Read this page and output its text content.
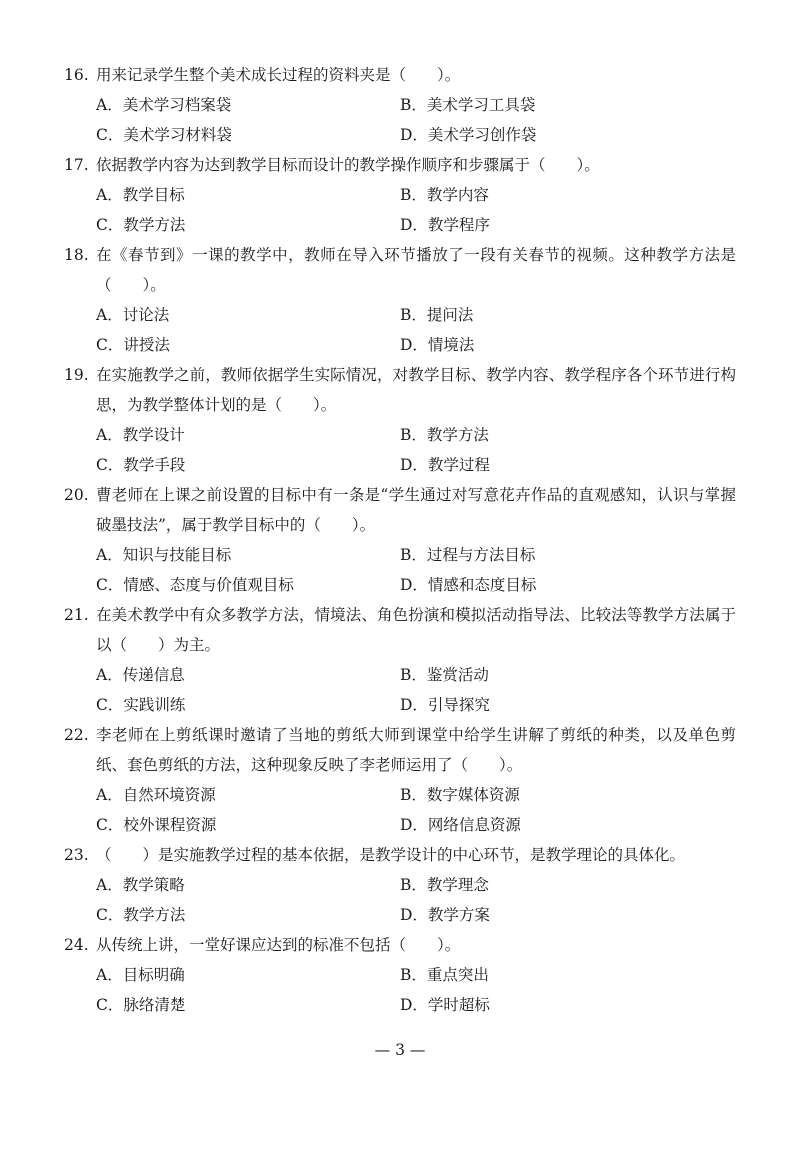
16. 用来记录学生整个美术成长过程的资料夹是（　　）。
A．美术学习档案袋	B．美术学习工具袋
C．美术学习材料袋	D．美术学习创作袋
17. 依据教学内容为达到教学目标而设计的教学操作顺序和步骤属于（　　）。
A．教学目标	B．教学内容
C．教学方法	D．教学程序
18. 在《春节到》一课的教学中，教师在导入环节播放了一段有关春节的视频。这种教学方法是（　　）。
A．讨论法	B．提问法
C．讲授法	D．情境法
19. 在实施教学之前，教师依据学生实际情况，对教学目标、教学内容、教学程序各个环节进行构思，为教学整体计划的是（　　）。
A．教学设计	B．教学方法
C．教学手段	D．教学过程
20. 曹老师在上课之前设置的目标中有一条是“学生通过对写意花卉作品的直观感知，认识与掌握破墨技法”，属于教学目标中的（　　）。
A．知识与技能目标	B．过程与方法目标
C．情感、态度与价值观目标	D．情感和态度目标
21. 在美术教学中有众多教学方法，情境法、角色扮演和模拟活动指导法、比较法等教学方法属于以（　　）为主。
A．传递信息	B．鉴赏活动
C．实践训练	D．引导探究
22. 李老师在上剪纸课时邀请了当地的剪纸大师到课堂中给学生讲解了剪纸的种类，以及单色剪纸、套色剪纸的方法，这种现象反映了李老师运用了（　　）。
A．自然环境资源	B．数字媒体资源
C．校外课程资源	D．网络信息资源
23. （　　）是实施教学过程的基本依据，是教学设计的中心环节，是教学理论的具体化。
A．教学策略	B．教学理念
C．教学方法	D．教学方案
24. 从传统上讲，一堂好课应达到的标准不包括（　　）。
A．目标明确	B．重点突出
C．脉络清楚	D．学时超标
— 3 —
